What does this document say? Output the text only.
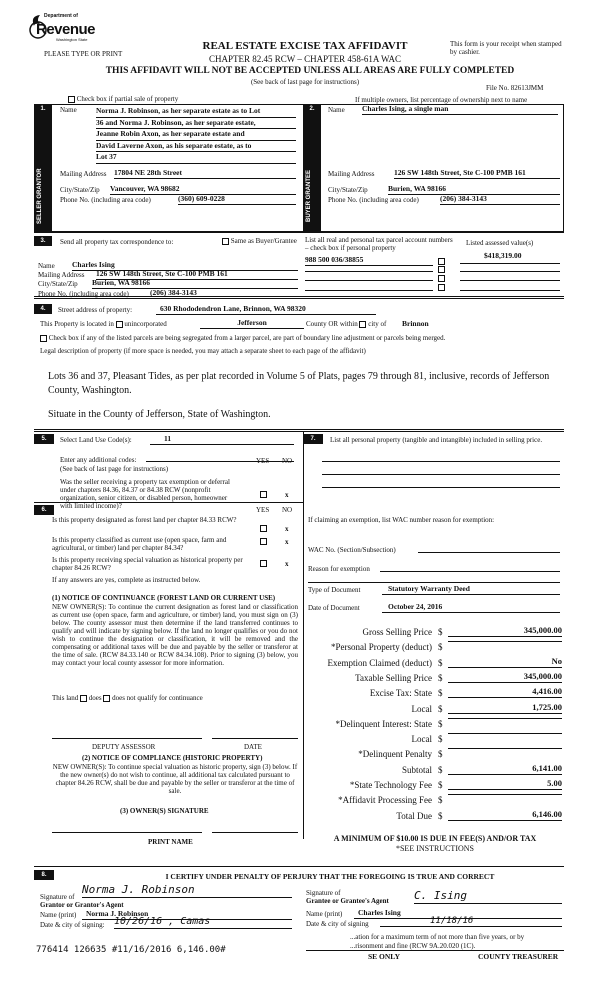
Department of
Revenue
Washington State
PLEASE TYPE OR PRINT
REAL ESTATE EXCISE TAX AFFIDAVIT
CHAPTER 82.45 RCW – CHAPTER 458-61A WAC
THIS AFFIDAVIT WILL NOT BE ACCEPTED UNLESS ALL AREAS ARE FULLY COMPLETED
(See back of last page for instructions)
This form is your receipt when stamped by cashier.
File No. 82613JMM
Check box if partial sale of property	If multiple owners, list percentage of ownership next to name
1.
SELLER GRANTOR
Name	Norma J. Robinson, as her separate estate as to Lot
36 and Norma J. Robinson, as her separate estate,
Jeanne Robin Axon, as her separate estate and
David Laverne Axon, as his separate estate, as to
Lot 37
Mailing Address 17804 NE 28th Street
City/State/Zip Vancouver, WA 98682
Phone No. (including area code)	(360) 609-0228
2.
BUYER GRANTEE
Name Charles Ising, a single man
Mailing Address	126 SW 148th Street, Ste C-100 PMB 161
City/State/Zip	Burien, WA 98166
Phone No. (including area code)	(206) 384-3143
3.	Send all property tax correspondence to:	Same as Buyer/Grantee
Name Charles Ising
Mailing Address 126 SW 148th Street, Ste C-100 PMB 161
City/State/Zip Burien, WA 98166
Phone No. (including area code)	(206) 384-3143
List all real and personal tax parcel account numbers – check box if personal property
Listed assessed value(s)
$418,319.00
988 500 036/38855
4.	Street address of property:	630 Rhododendron Lane, Brinnon, WA 98320
This Property is located in unincorporated	Jefferson	County OR within city of Brinnon
Check box if any of the listed parcels are being segregated from a larger parcel, are part of boundary line adjustment or parcels being merged.
Legal description of property (if more space is needed, you may attach a separate sheet to each page of the affidavit)
Lots 36 and 37, Pleasant Tides, as per plat recorded in Volume 5 of Plats, pages 79 through 81, inclusive, records of Jefferson County, Washington.
Situate in the County of Jefferson, State of Washington.
5.	Select Land Use Code(s):	11
Enter any additional codes:
(See back of last page for instructions)
YES NO
Was the seller receiving a property tax exemption or deferral under chapters 84.36, 84.37 or 84.38 RCW (nonprofit organization, senior citizen, or disabled person, homeowner with limited income)?
x
7.	List all personal property (tangible and intangible) included in selling price.
6.	YES NO
Is this property designated as forest land per chapter 84.33 RCW?
x
Is this property classified as current use (open space, farm and agricultural, or timber) land per chapter 84.34?
x
Is this property receiving special valuation as historical property per chapter 84.26 RCW?
x
If any answers are yes, complete as instructed below.
(1) NOTICE OF CONTINUANCE (FOREST LAND OR CURRENT USE)
NEW OWNER(S): To continue the current designation as forest land or classification as current use (open space, farm and agriculture, or timber) land, you must sign on (3) below. The county assessor must then determine if the land transferred continues to qualify and will indicate by signing below. If the land no longer qualifies or you do not wish to continue the designation or classification, it will be removed and the compensating or additional taxes will be due and payable by the seller or transferor at the time of sale. (RCW 84.33.140 or RCW 84.34.108). Prior to signing (3) below, you may contact your local county assessor for more information.
This land does does not qualify for continuance
DEPUTY ASSESSOR	DATE
(2) NOTICE OF COMPLIANCE (HISTORIC PROPERTY)
NEW OWNER(S): To continue special valuation as historic property, sign (3) below. If the new owner(s) do not wish to continue, all additional tax calculated pursuant to chapter 84.26 RCW, shall be due and payable by the seller or transferor at the time of sale.
(3) OWNER(S) SIGNATURE
PRINT NAME
If claiming an exemption, list WAC number reason for exemption:
WAC No. (Section/Subsection)
Reason for exemption
Type of Document	Statutory Warranty Deed
Date of Document	October 24, 2016
Gross Selling Price $	345,000.00
*Personal Property (deduct) $
Exemption Claimed (deduct) $	No
Taxable Selling Price $	345,000.00
Excise Tax: State $	4,416.00
Local $	1,725.00
*Delinquent Interest: State $
Local $
*Delinquent Penalty $
Subtotal $	6,141.00
*State Technology Fee $	5.00
*Affidavit Processing Fee $
Total Due $	6,146.00
A MINIMUM OF $10.00 IS DUE IN FEE(S) AND/OR TAX
*SEE INSTRUCTIONS
8.	I CERTIFY UNDER PENALTY OF PERJURY THAT THE FOREGOING IS TRUE AND CORRECT
Signature of
Grantor or Grantor's Agent
Norma J. Robinson
Name (print)	Norma J. Robinson
Date & city of signing: 10/26/16 , Camas
Signature of
Grantee or Grantee's Agent C. Ising
Name (print)	Charles Ising
Date & city of signing	11/18/16
...ation for a maximum term of not more than five years, or by
...risonment and fine (RCW 9A.20.020 (1C).
776414 126635 #11/16/2016 6,146.00#
SE ONLY	COUNTY TREASURER
